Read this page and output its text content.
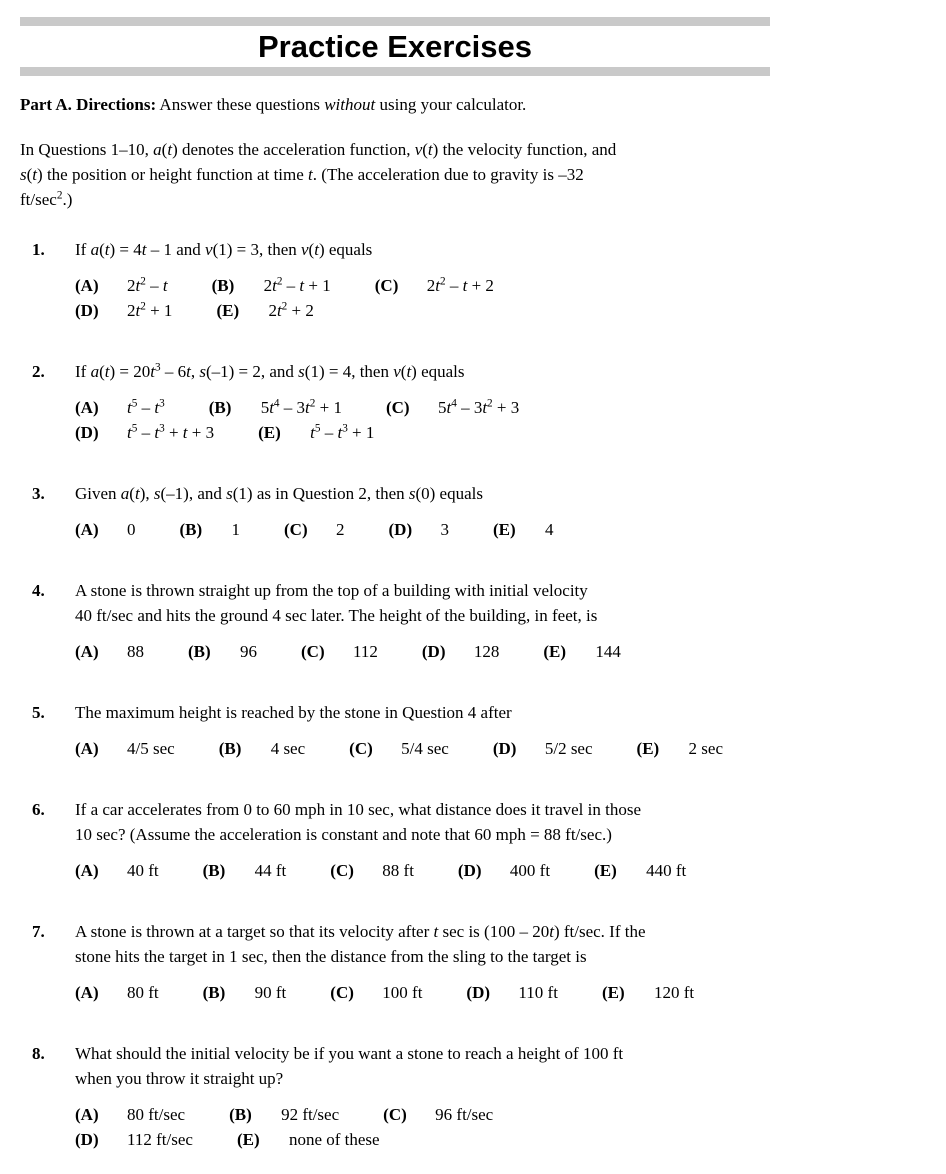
Practice Exercises

Part A. Directions: Answer these questions without using your calculator.

In Questions 1–10, a(t) denotes the acceleration function, v(t) the velocity function, and
s(t) the position or height function at time t. (The acceleration due to gravity is –32
$ft/\sec^2$.)

1.	If a(t) = 4t – 1 and v(1) = 3, then v(t) equals
(A)	$2t^2$ – t	(B)	$2t^2 - t + 1$	(C)	$2t^2 - t + 2$
(D)	$2t^2 + 1$	(E)	$2t^2 + 2$
2.	If $a(t) = 20t^3 - 6t$, s(–1) = 2, and s(1) = 4, then v(t) equals
(A)	$t^5 - t^3$	(B)	$5t^4 - 3t^2 + 1$	(C)	$5t^4 - 3t^2 + 3$
(D)	$t^5 - t^3 + t + 3$	(E)	$t^5 - t^3 + 1$
3.	Given a(t), s(–1), and s(1) as in Question 2, then s(0) equals
(A)	0	(B)	1	(C)	2	(D)	3	(E)	4
4.	A stone is thrown straight up from the top of a building with initial velocity
40 ft/sec and hits the ground 4 sec later. The height of the building, in feet, is
(A)	88	(B)	96	(C)	112	(D)	128	(E)	144
5.	The maximum height is reached by the stone in Question 4 after
(A)	4/5 sec	(B)	4 sec	(C)	5/4 sec	(D)	5/2 sec	(E)	2 sec
6.	If a car accelerates from 0 to 60 mph in 10 sec, what distance does it travel in those
10 sec? (Assume the acceleration is constant and note that 60 mph = 88 ft/sec.)
(A)	40 ft	(B)	44 ft	(C)	88 ft	(D)	400 ft	(E)	440 ft
7.	A stone is thrown at a target so that its velocity after t sec is (100 – 20t) ft/sec. If the
stone hits the target in 1 sec, then the distance from the sling to the target is
(A)	80 ft	(B)	90 ft	(C)	100 ft	(D)	110 ft	(E)	120 ft
8.	What should the initial velocity be if you want a stone to reach a height of 100 ft
when you throw it straight up?
(A)	80 ft/sec	(B)	92 ft/sec	(C)	96 ft/sec
(D)	112 ft/sec	(E)	none of these
